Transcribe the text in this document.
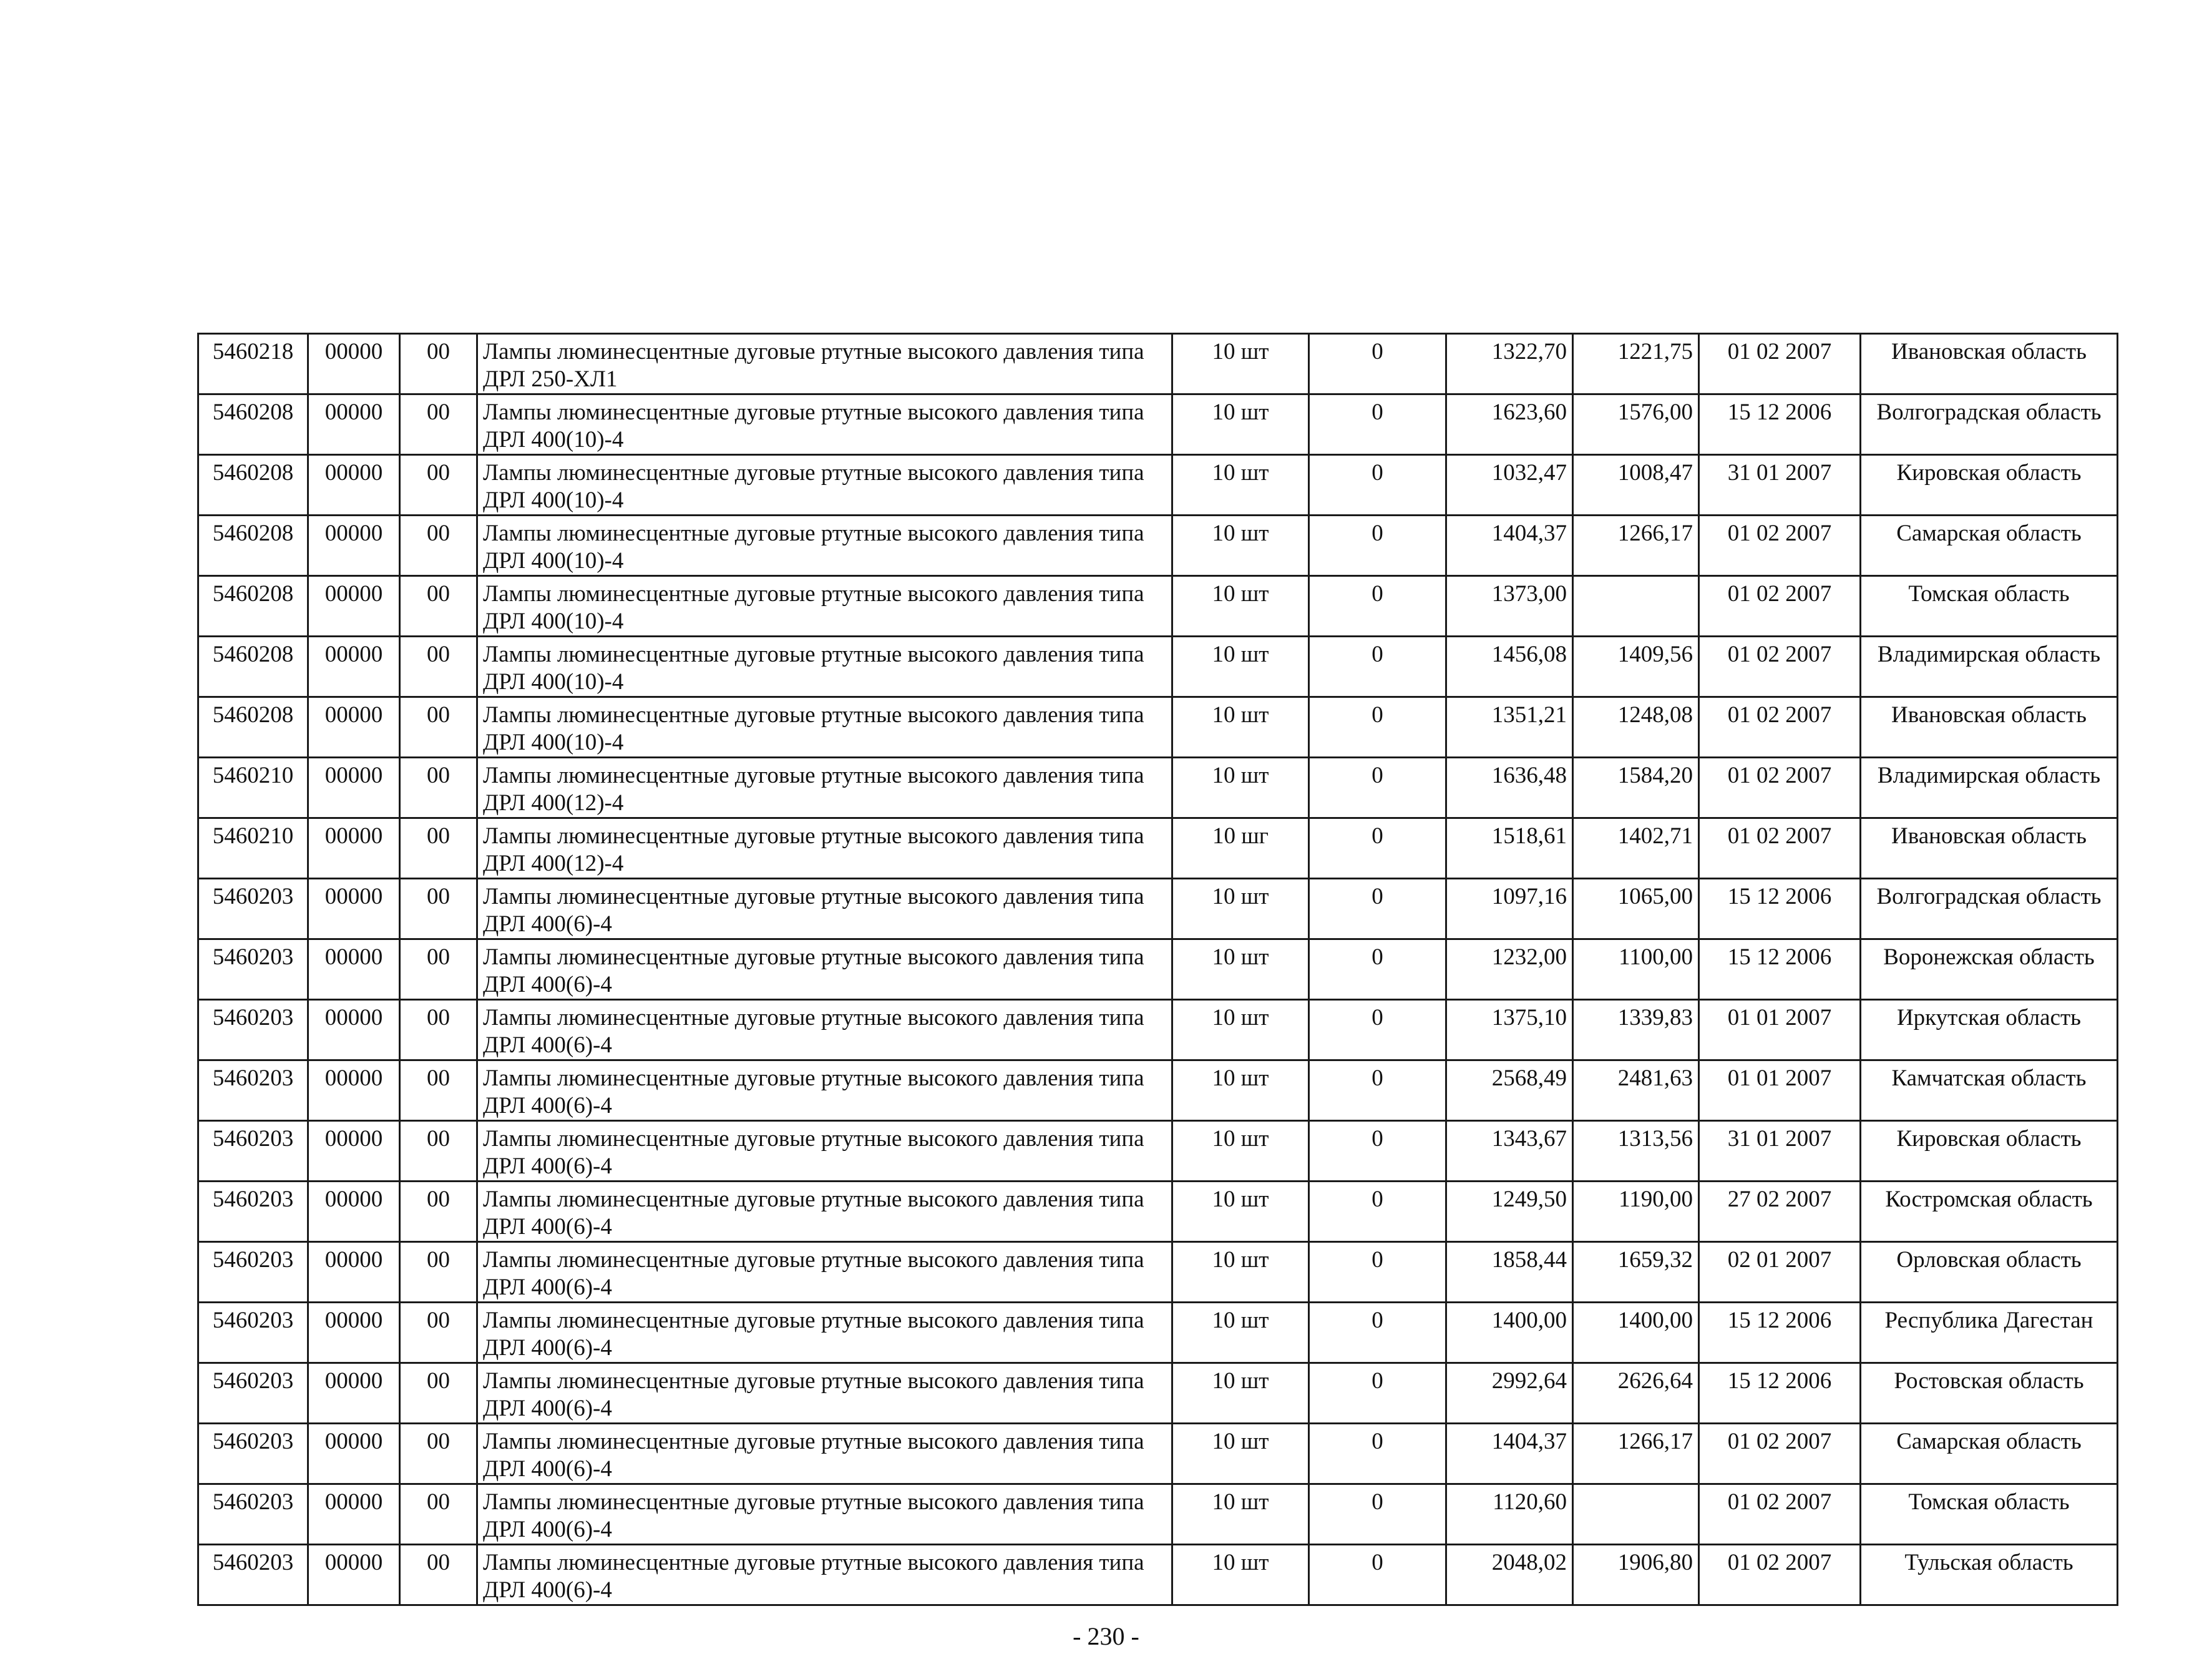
5460218	00000	00	Лампы люминесцентные дуговые ртутные высокого давления типа ДРЛ 250-ХЛ1	10 шт	0	1322,70	1221,75	01 02 2007	Ивановская область
5460208	00000	00	Лампы люминесцентные дуговые ртутные высокого давления типа ДРЛ 400(10)-4	10 шт	0	1623,60	1576,00	15 12 2006	Волгоградская область
5460208	00000	00	Лампы люминесцентные дуговые ртутные высокого давления типа ДРЛ 400(10)-4	10 шт	0	1032,47	1008,47	31 01 2007	Кировская область
5460208	00000	00	Лампы люминесцентные дуговые ртутные высокого давления типа ДРЛ 400(10)-4	10 шт	0	1404,37	1266,17	01 02 2007	Самарская область
5460208	00000	00	Лампы люминесцентные дуговые ртутные высокого давления типа ДРЛ 400(10)-4	10 шт	0	1373,00		01 02 2007	Томская область
5460208	00000	00	Лампы люминесцентные дуговые ртутные высокого давления типа ДРЛ 400(10)-4	10 шт	0	1456,08	1409,56	01 02 2007	Владимирская область
5460208	00000	00	Лампы люминесцентные дуговые ртутные высокого давления типа ДРЛ 400(10)-4	10 шт	0	1351,21	1248,08	01 02 2007	Ивановская область
5460210	00000	00	Лампы люминесцентные дуговые ртутные высокого давления типа ДРЛ 400(12)-4	10 шт	0	1636,48	1584,20	01 02 2007	Владимирская область
5460210	00000	00	Лампы люминесцентные дуговые ртутные высокого давления типа ДРЛ 400(12)-4	10 шг	0	1518,61	1402,71	01 02 2007	Ивановская область
5460203	00000	00	Лампы люминесцентные дуговые ртутные высокого давления типа ДРЛ 400(6)-4	10 шт	0	1097,16	1065,00	15 12 2006	Волгоградская область
5460203	00000	00	Лампы люминесцентные дуговые ртутные высокого давления типа ДРЛ 400(6)-4	10 шт	0	1232,00	1100,00	15 12 2006	Воронежская область
5460203	00000	00	Лампы люминесцентные дуговые ртутные высокого давления типа ДРЛ 400(6)-4	10 шт	0	1375,10	1339,83	01 01 2007	Иркутская область
5460203	00000	00	Лампы люминесцентные дуговые ртутные высокого давления типа ДРЛ 400(6)-4	10 шт	0	2568,49	2481,63	01 01 2007	Камчатская область
5460203	00000	00	Лампы люминесцентные дуговые ртутные высокого давления типа ДРЛ 400(6)-4	10 шт	0	1343,67	1313,56	31 01 2007	Кировская область
5460203	00000	00	Лампы люминесцентные дуговые ртутные высокого давления типа ДРЛ 400(6)-4	10 шт	0	1249,50	1190,00	27 02 2007	Костромская область
5460203	00000	00	Лампы люминесцентные дуговые ртутные высокого давления типа ДРЛ 400(6)-4	10 шт	0	1858,44	1659,32	02 01 2007	Орловская область
5460203	00000	00	Лампы люминесцентные дуговые ртутные высокого давления типа ДРЛ 400(6)-4	10 шт	0	1400,00	1400,00	15 12 2006	Республика Дагестан
5460203	00000	00	Лампы люминесцентные дуговые ртутные высокого давления типа ДРЛ 400(6)-4	10 шт	0	2992,64	2626,64	15 12 2006	Ростовская область
5460203	00000	00	Лампы люминесцентные дуговые ртутные высокого давления типа ДРЛ 400(6)-4	10 шт	0	1404,37	1266,17	01 02 2007	Самарская область
5460203	00000	00	Лампы люминесцентные дуговые ртутные высокого давления типа ДРЛ 400(6)-4	10 шт	0	1120,60		01 02 2007	Томская область
5460203	00000	00	Лампы люминесцентные дуговые ртутные высокого давления типа ДРЛ 400(6)-4	10 шт	0	2048,02	1906,80	01 02 2007	Тульская область
- 230 -
